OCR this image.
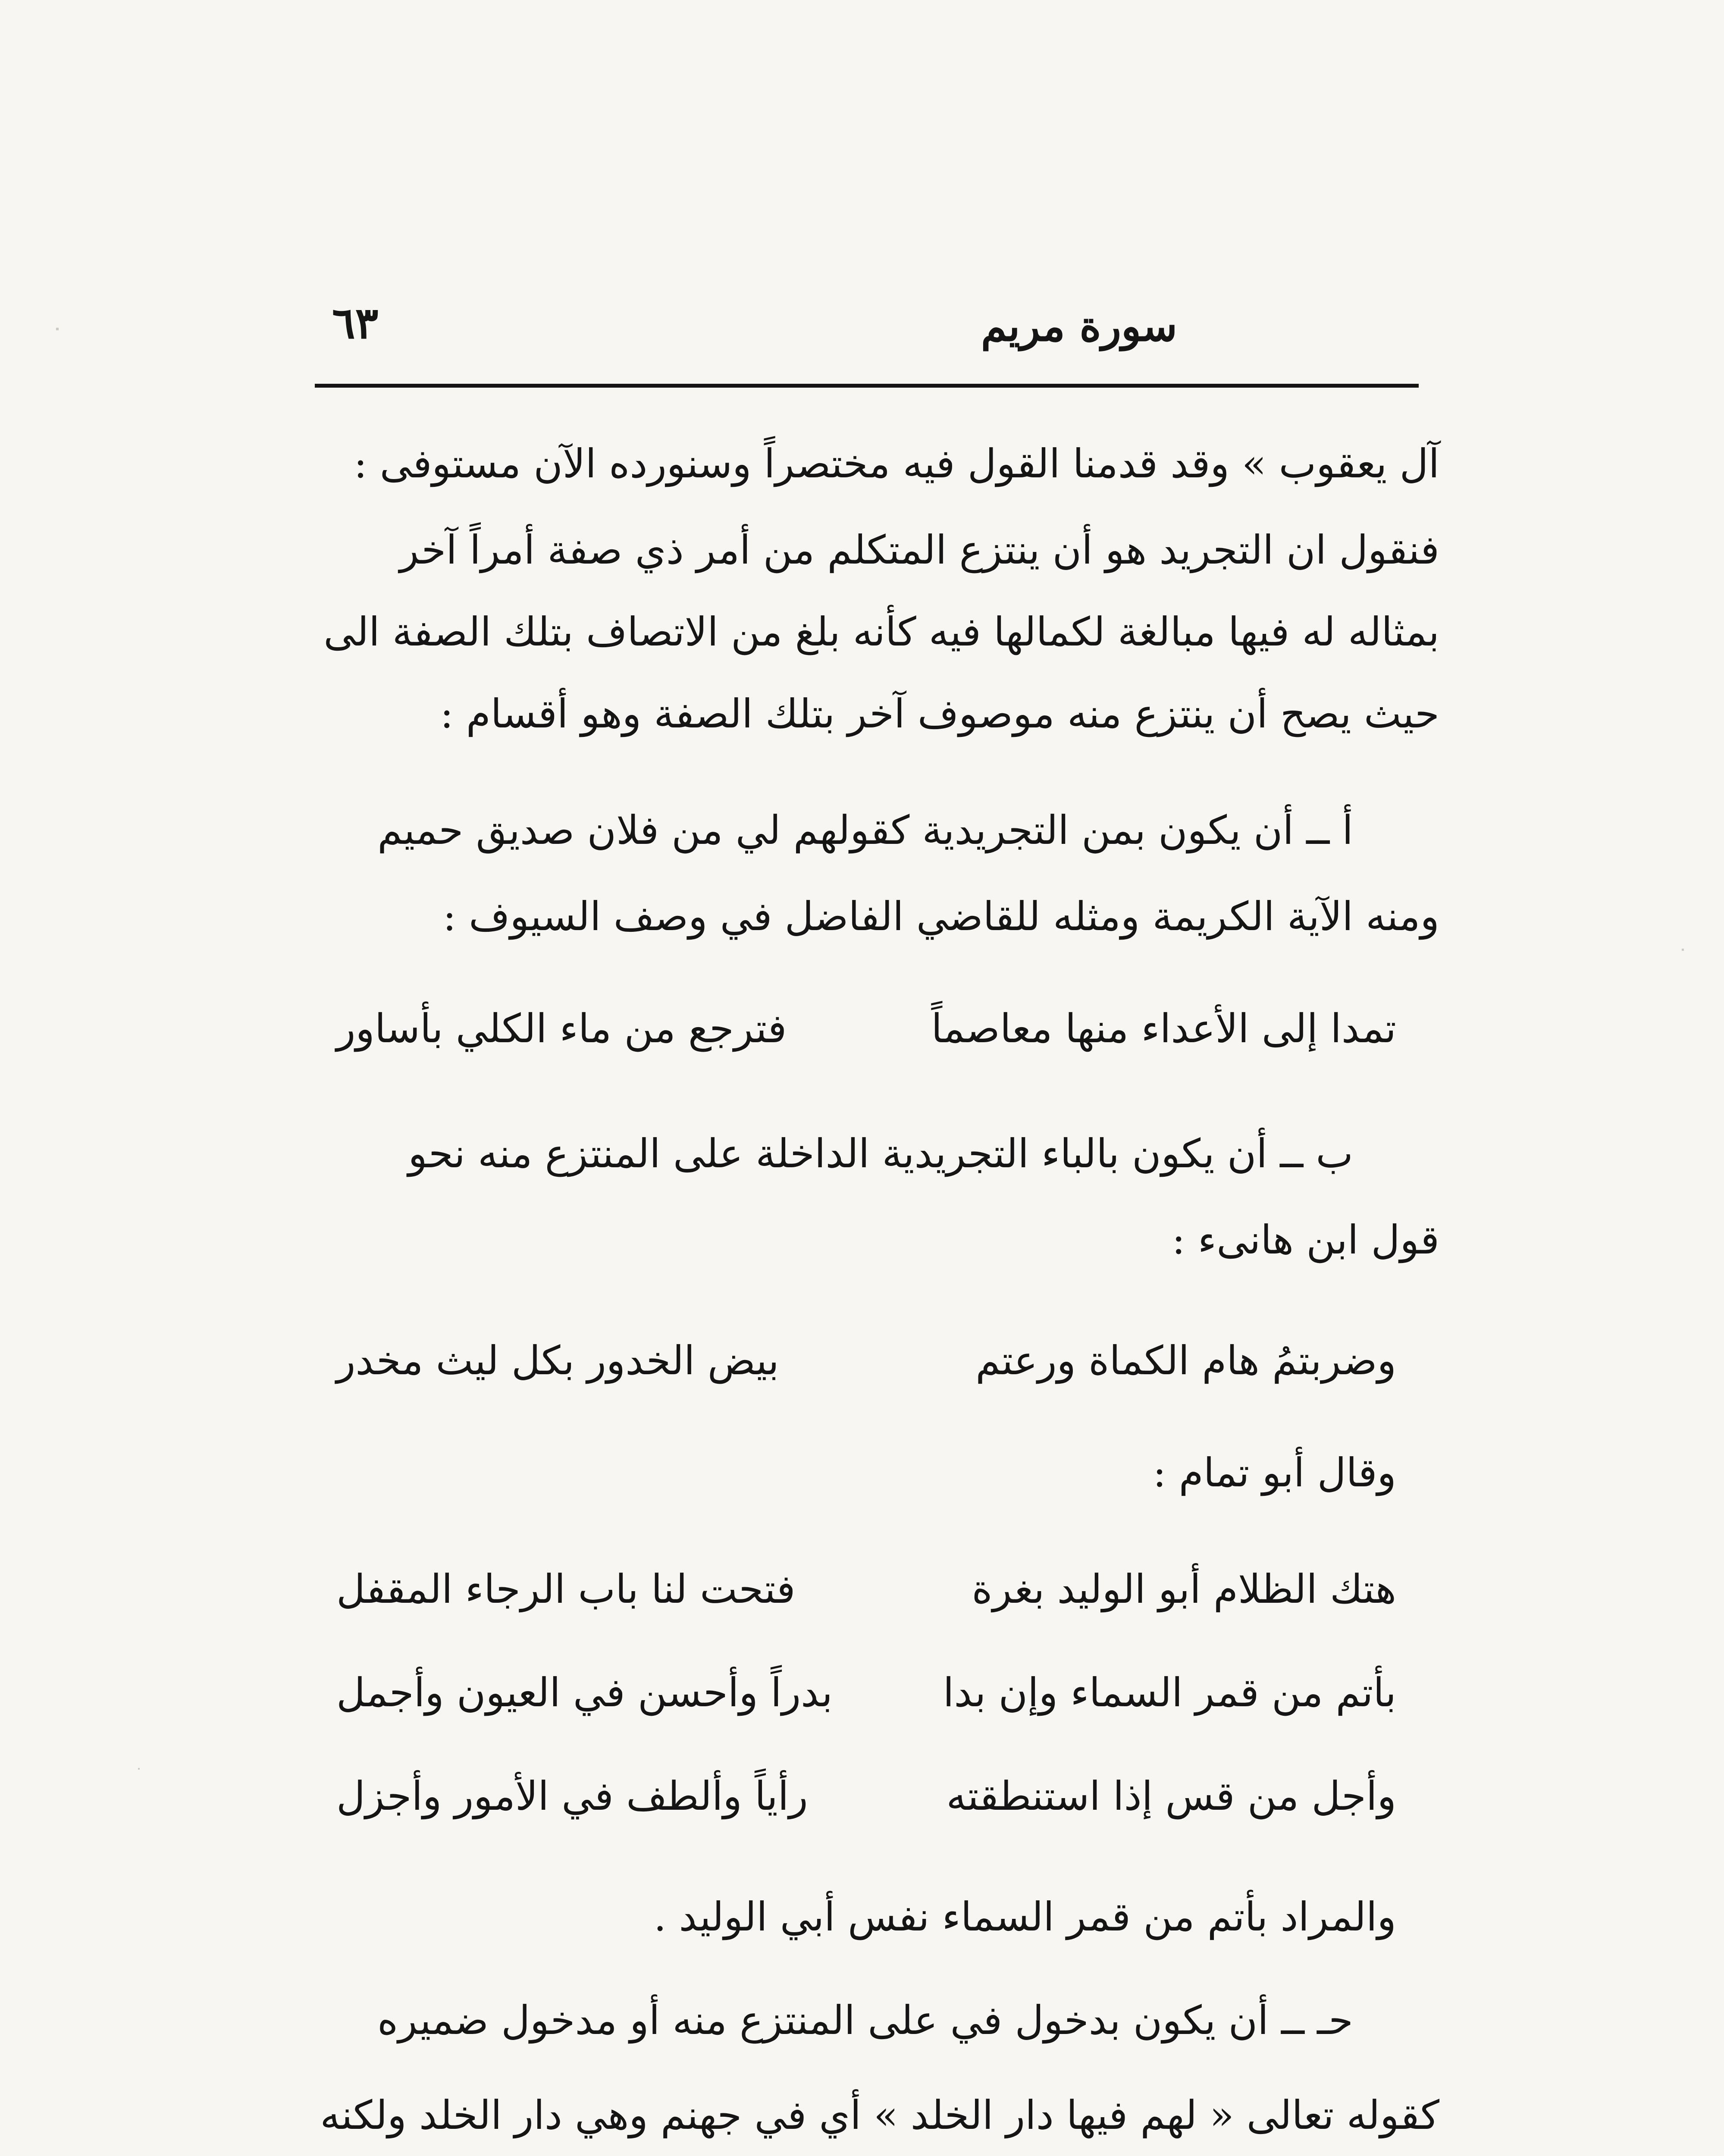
سورة مريم
٦٣
آل يعقوب » وقد قدمنا القول فيه مختصراً وسنورده الآن مستوفى :
فنقول ان التجريد هو أن ينتزع المتكلم من أمر ذي صفة أمراً آخر
بمثاله له فيها مبالغة لكمالها فيه كأنه بلغ من الاتصاف بتلك الصفة الى
حيث يصح أن ينتزع منه موصوف آخر بتلك الصفة وهو أقسام :
أ ــ أن يكون بمن التجريدية كقولهم لي من فلان صديق حميم
ومنه الآية الكريمة ومثله للقاضي الفاضل في وصف السيوف :
تمدا إلى الأعداء منها معاصماً
فترجع من ماء الكلي بأساور
ب ــ أن يكون بالباء التجريدية الداخلة على المنتزع منه نحو
قول ابن هانىء :
وضربتمُ هام الكماة ورعتم
بيض الخدور بكل ليث مخدر
وقال أبو تمام :
هتك الظلام أبو الوليد بغرة
فتحت لنا باب الرجاء المقفل
بأتم من قمر السماء وإن بدا
بدراً وأحسن في العيون وأجمل
وأجل من قس إذا استنطقته
رأياً وألطف في الأمور وأجزل
والمراد بأتم من قمر السماء نفس أبي الوليد .
حـ ــ أن يكون بدخول في على المنتزع منه أو مدخول ضميره
كقوله تعالى « لهم فيها دار الخلد » أي في جهنم وهي دار الخلد ولكنه
